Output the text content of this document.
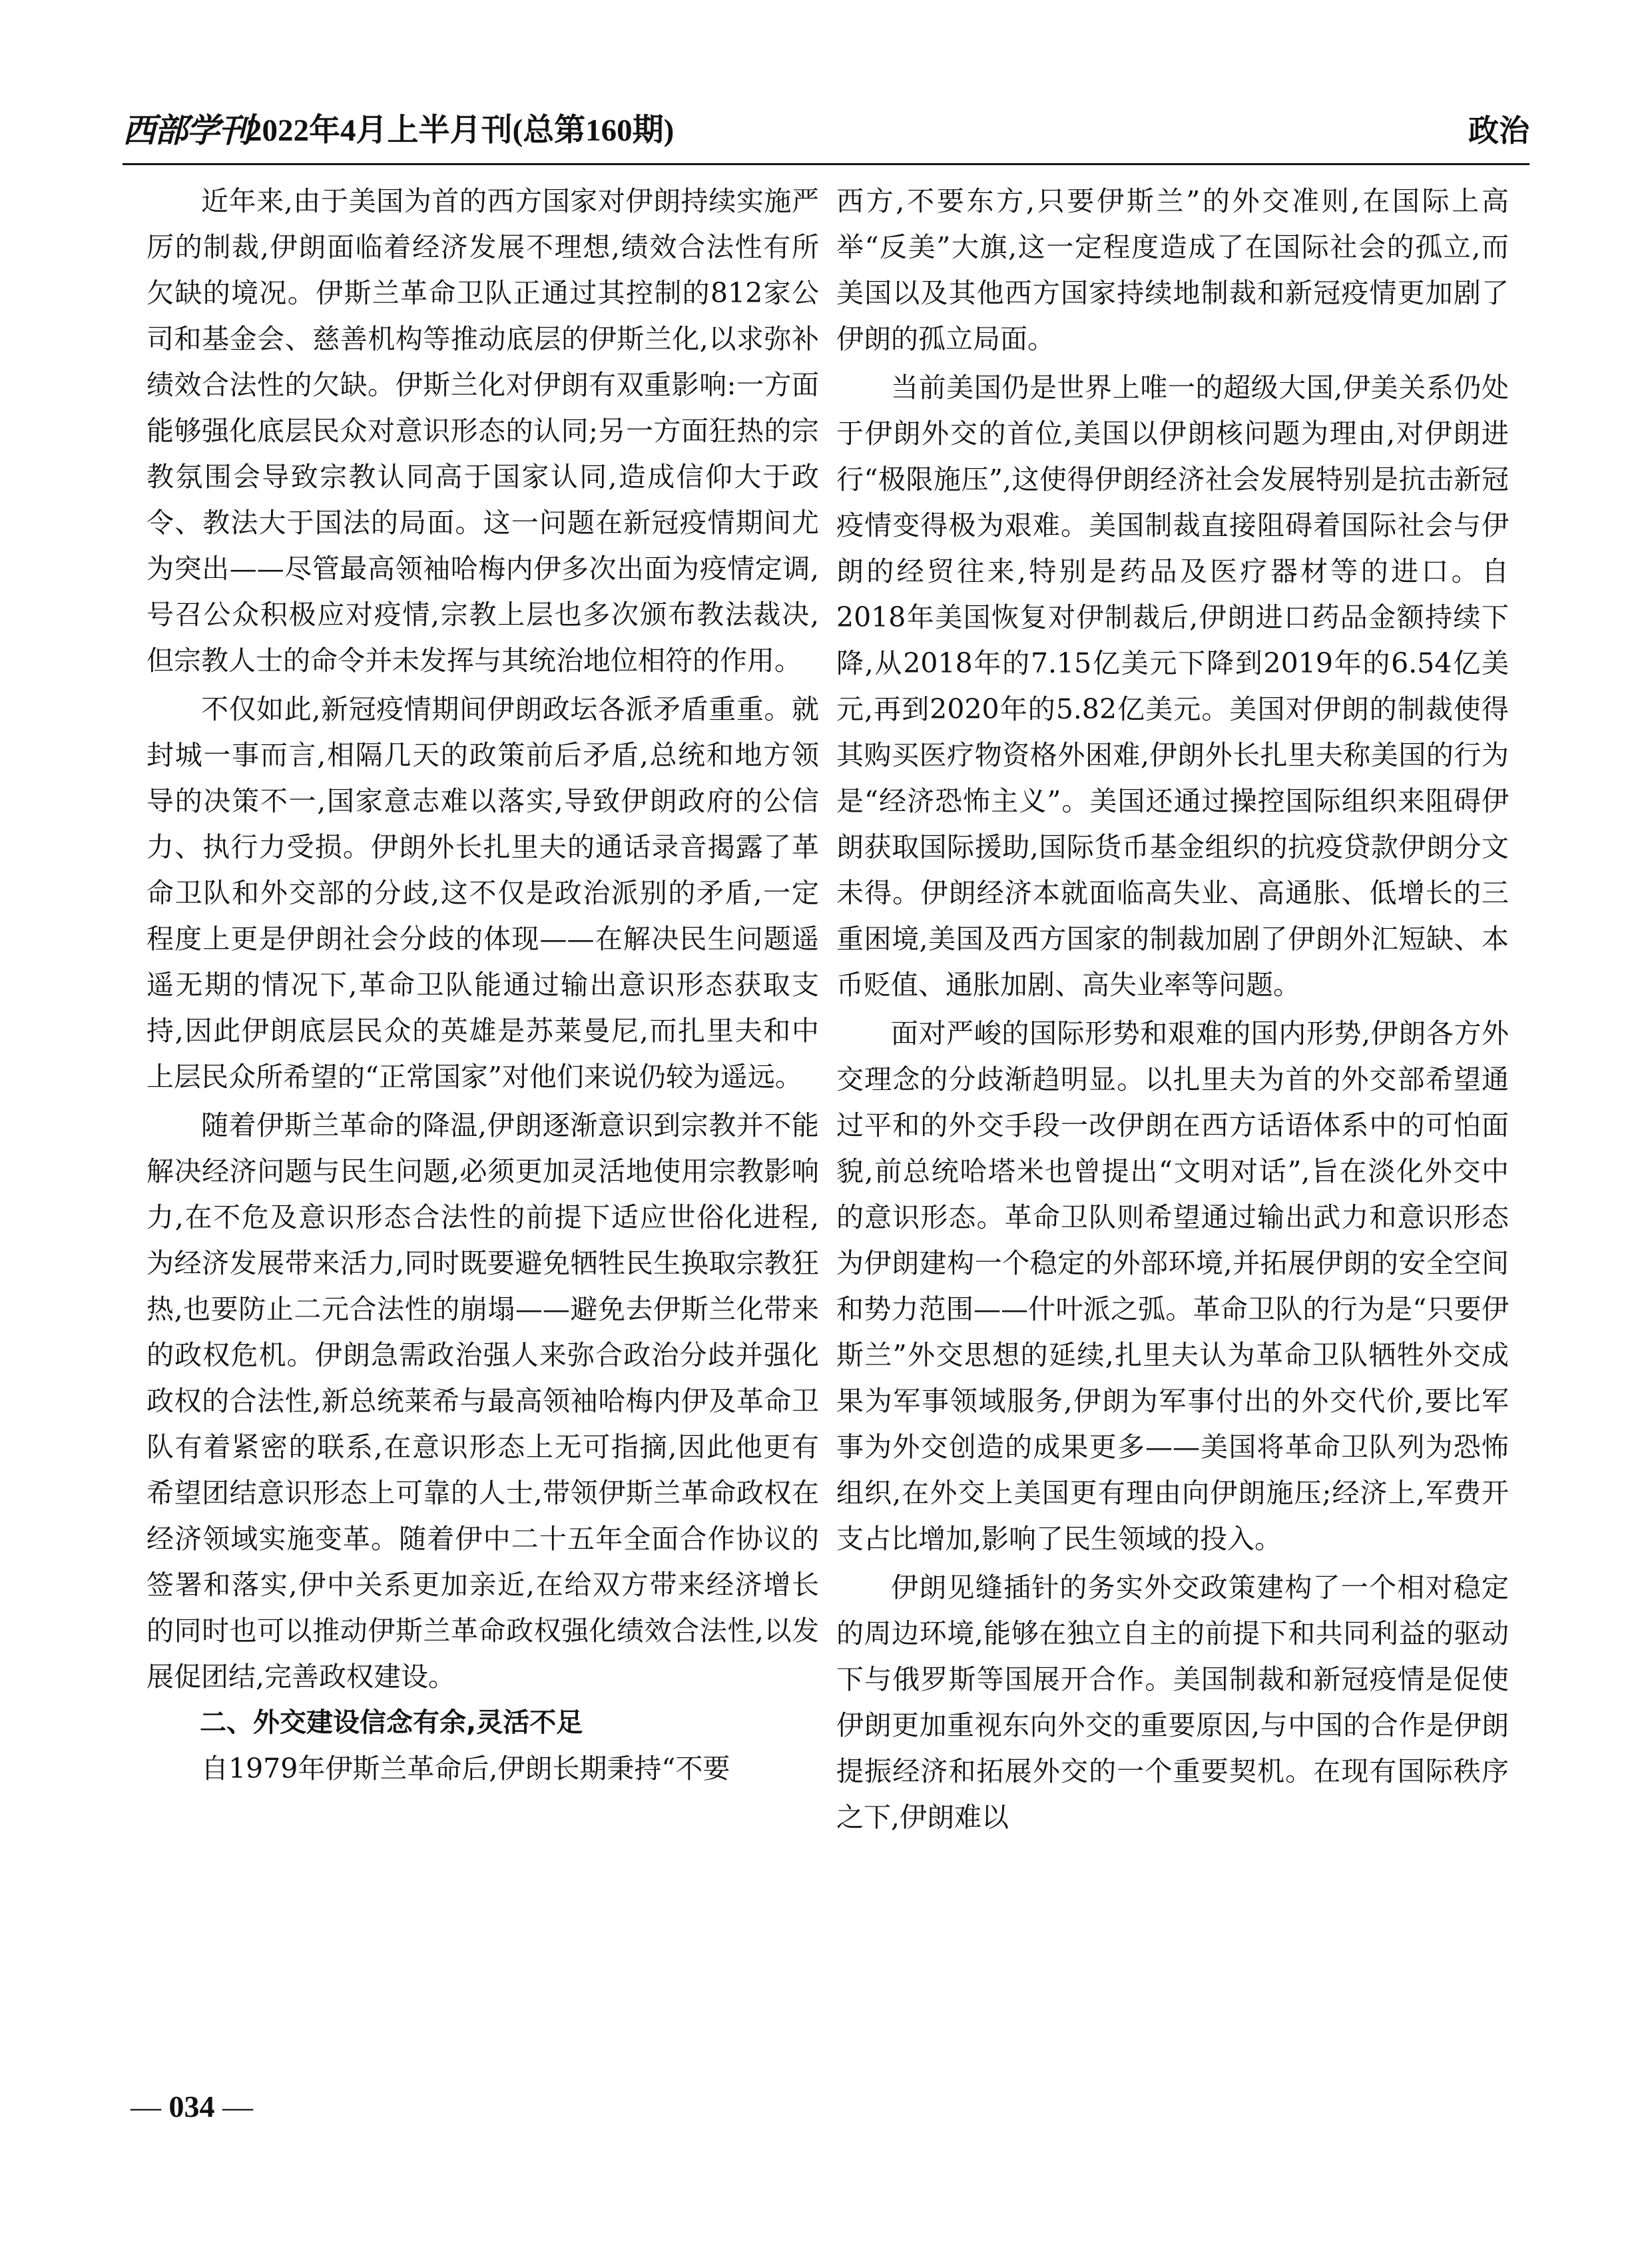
西部学刊
2022年4月上半月刊(总第160期)	政治

近年来,由于美国为首的西方国家对伊朗持续实施严厉的制裁,伊朗面临着经济发展不理想,绩效合法性有所欠缺的境况。伊斯兰革命卫队正通过其控制的812家公司和基金会、慈善机构等推动底层的伊斯兰化,以求弥补绩效合法性的欠缺。伊斯兰化对伊朗有双重影响:一方面能够强化底层民众对意识形态的认同;另一方面狂热的宗教氛围会导致宗教认同高于国家认同,造成信仰大于政令、教法大于国法的局面。这一问题在新冠疫情期间尤为突出——尽管最高领袖哈梅内伊多次出面为疫情定调,号召公众积极应对疫情,宗教上层也多次颁布教法裁决,但宗教人士的命令并未发挥与其统治地位相符的作用。

不仅如此,新冠疫情期间伊朗政坛各派矛盾重重。就封城一事而言,相隔几天的政策前后矛盾,总统和地方领导的决策不一,国家意志难以落实,导致伊朗政府的公信力、执行力受损。伊朗外长扎里夫的通话录音揭露了革命卫队和外交部的分歧,这不仅是政治派别的矛盾,一定程度上更是伊朗社会分歧的体现——在解决民生问题遥遥无期的情况下,革命卫队能通过输出意识形态获取支持,因此伊朗底层民众的英雄是苏莱曼尼,而扎里夫和中上层民众所希望的“正常国家”对他们来说仍较为遥远。

随着伊斯兰革命的降温,伊朗逐渐意识到宗教并不能解决经济问题与民生问题,必须更加灵活地使用宗教影响力,在不危及意识形态合法性的前提下适应世俗化进程,为经济发展带来活力,同时既要避免牺牲民生换取宗教狂热,也要防止二元合法性的崩塌——避免去伊斯兰化带来的政权危机。伊朗急需政治强人来弥合政治分歧并强化政权的合法性,新总统莱希与最高领袖哈梅内伊及革命卫队有着紧密的联系,在意识形态上无可指摘,因此他更有希望团结意识形态上可靠的人士,带领伊斯兰革命政权在经济领域实施变革。随着伊中二十五年全面合作协议的签署和落实,伊中关系更加亲近,在给双方带来经济增长的同时也可以推动伊斯兰革命政权强化绩效合法性,以发展促团结,完善政权建设。

二、外交建设信念有余,灵活不足

自1979年伊斯兰革命后,伊朗长期秉持“不要

西方,不要东方,只要伊斯兰”的外交准则,在国际上高举“反美”大旗,这一定程度造成了在国际社会的孤立,而美国以及其他西方国家持续地制裁和新冠疫情更加剧了伊朗的孤立局面。

当前美国仍是世界上唯一的超级大国,伊美关系仍处于伊朗外交的首位,美国以伊朗核问题为理由,对伊朗进行“极限施压”,这使得伊朗经济社会发展特别是抗击新冠疫情变得极为艰难。美国制裁直接阻碍着国际社会与伊朗的经贸往来,特别是药品及医疗器材等的进口。自2018年美国恢复对伊制裁后,伊朗进口药品金额持续下降,从2018年的7.15亿美元下降到2019年的6.54亿美元,再到2020年的5.82亿美元。美国对伊朗的制裁使得其购买医疗物资格外困难,伊朗外长扎里夫称美国的行为是“经济恐怖主义”。美国还通过操控国际组织来阻碍伊朗获取国际援助,国际货币基金组织的抗疫贷款伊朗分文未得。伊朗经济本就面临高失业、高通胀、低增长的三重困境,美国及西方国家的制裁加剧了伊朗外汇短缺、本币贬值、通胀加剧、高失业率等问题。

面对严峻的国际形势和艰难的国内形势,伊朗各方外交理念的分歧渐趋明显。以扎里夫为首的外交部希望通过平和的外交手段一改伊朗在西方话语体系中的可怕面貌,前总统哈塔米也曾提出“文明对话”,旨在淡化外交中的意识形态。革命卫队则希望通过输出武力和意识形态为伊朗建构一个稳定的外部环境,并拓展伊朗的安全空间和势力范围——什叶派之弧。革命卫队的行为是“只要伊斯兰”外交思想的延续,扎里夫认为革命卫队牺牲外交成果为军事领域服务,伊朗为军事付出的外交代价,要比军事为外交创造的成果更多——美国将革命卫队列为恐怖组织,在外交上美国更有理由向伊朗施压;经济上,军费开支占比增加,影响了民生领域的投入。

伊朗见缝插针的务实外交政策建构了一个相对稳定的周边环境,能够在独立自主的前提下和共同利益的驱动下与俄罗斯等国展开合作。美国制裁和新冠疫情是促使伊朗更加重视东向外交的重要原因,与中国的合作是伊朗提振经济和拓展外交的一个重要契机。在现有国际秩序之下,伊朗难以

— 034 —
